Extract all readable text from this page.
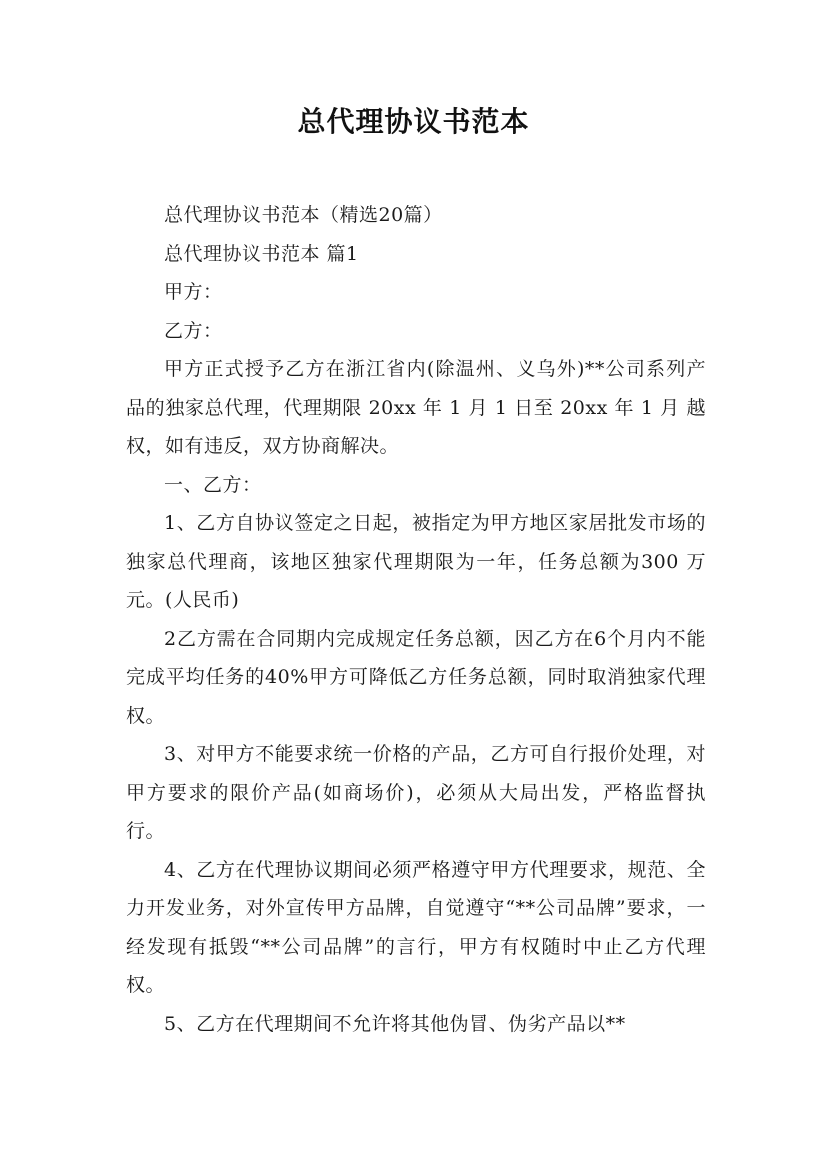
总代理协议书范本

总代理协议书范本（精选20篇）

总代理协议书范本 篇1

甲方：

乙方：

甲方正式授予乙方在浙江省内(除温州、义乌外)**公司系列产品的独家总代理，代理期限 20xx 年 1 月 1 日至 20xx 年 1 月 越权，如有违反，双方协商解决。

一、乙方：

1、乙方自协议签定之日起，被指定为甲方地区家居批发市场的独家总代理商，该地区独家代理期限为一年，任务总额为300 万元。(人民币)

2乙方需在合同期内完成规定任务总额，因乙方在6个月内不能完成平均任务的40%甲方可降低乙方任务总额，同时取消独家代理权。

3、对甲方不能要求统一价格的产品，乙方可自行报价处理，对甲方要求的限价产品(如商场价)，必须从大局出发，严格监督执行。

4、乙方在代理协议期间必须严格遵守甲方代理要求，规范、全力开发业务，对外宣传甲方品牌，自觉遵守“**公司品牌”要求，一经发现有抵毁“**公司品牌”的言行，甲方有权随时中止乙方代理权。

5、乙方在代理期间不允许将其他伪冒、伪劣产品以**
